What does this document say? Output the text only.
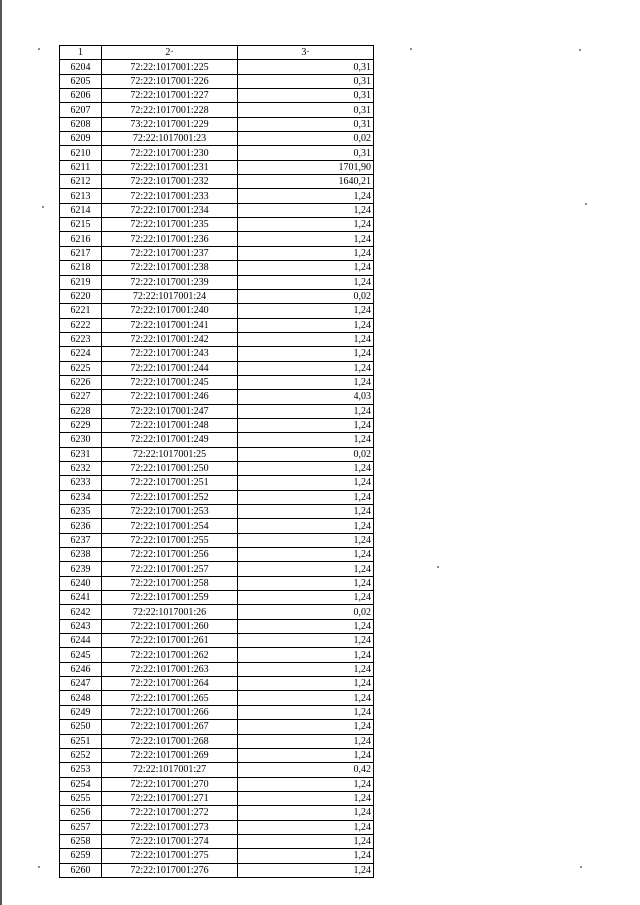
1	2·	3·
6204	72:22:1017001:225	0,31
6205	72:22:1017001:226	0,31
6206	72:22:1017001:227	0,31
6207	72:22:1017001:228	0,31
6208	73:22:1017001:229	0,31
6209	72:22:1017001:23	0,02
6210	72:22:1017001:230	0,31
6211	72:22:1017001:231	1701,90
6212	72:22:1017001:232	1640,21
6213	72:22:1017001:233	1,24
6214	72:22:1017001:234	1,24
6215	72:22:1017001:235	1,24
6216	72:22:1017001:236	1,24
6217	72:22:1017001:237	1,24
6218	72:22:1017001:238	1,24
6219	72:22:1017001:239	1,24
6220	72:22:1017001:24	0,02
6221	72:22:1017001:240	1,24
6222	72:22:1017001:241	1,24
6223	72:22:1017001:242	1,24
6224	72:22:1017001:243	1,24
6225	72:22:1017001:244	1,24
6226	72:22:1017001:245	1,24
6227	72:22:1017001:246	4,03
6228	72:22:1017001:247	1,24
6229	72:22:1017001:248	1,24
6230	72:22:1017001:249	1,24
6231	72:22:1017001:25	0,02
6232	72:22:1017001:250	1,24
6233	72:22:1017001:251	1,24
6234	72:22:1017001:252	1,24
6235	72:22:1017001:253	1,24
6236	72:22:1017001:254	1,24
6237	72:22:1017001:255	1,24
6238	72:22:1017001:256	1,24
6239	72:22:1017001:257	1,24
6240	72:22:1017001:258	1,24
6241	72:22:1017001:259	1,24
6242	72:22:1017001:26	0,02
6243	72:22:1017001:260	1,24
6244	72:22:1017001:261	1,24
6245	72:22:1017001:262	1,24
6246	72:22:1017001:263	1,24
6247	72:22:1017001:264	1,24
6248	72:22:1017001:265	1,24
6249	72:22:1017001:266	1,24
6250	72:22:1017001:267	1,24
6251	72:22:1017001:268	1,24
6252	72:22:1017001:269	1,24
6253	72:22:1017001:27	0,42
6254	72:22:1017001:270	1,24
6255	72:22:1017001:271	1,24
6256	72:22:1017001:272	1,24
6257	72:22:1017001:273	1,24
6258	72:22:1017001:274	1,24
6259	72:22:1017001:275	1,24
6260	72:22:1017001:276	1,24
